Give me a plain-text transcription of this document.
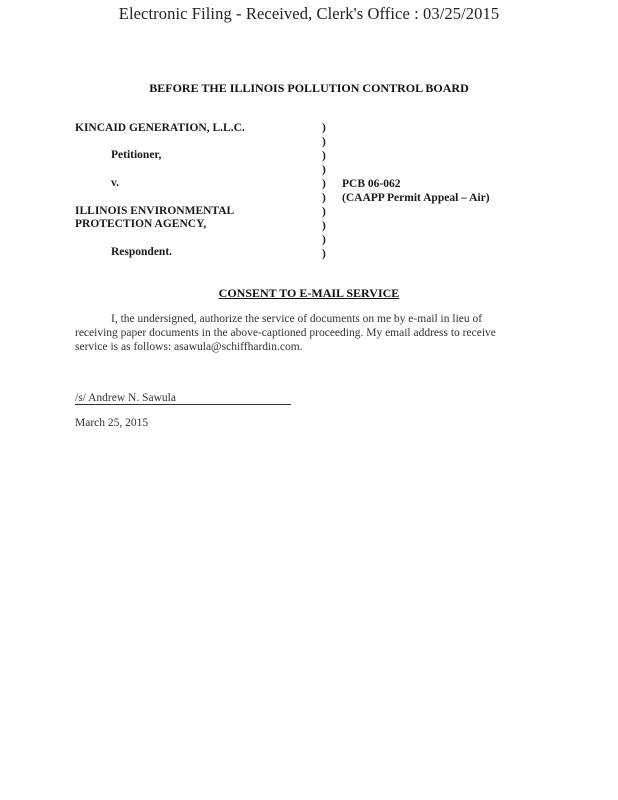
Electronic Filing - Received, Clerk's Office : 03/25/2015
BEFORE THE ILLINOIS POLLUTION CONTROL BOARD
KINCAID GENERATION, L.L.C.
Petitioner,
v.
ILLINOIS ENVIRONMENTAL
PROTECTION AGENCY,
Respondent.
)
)
)
)
)
)
)
)
)
)
PCB 06-062
(CAAPP Permit Appeal – Air)
CONSENT TO E-MAIL SERVICE
I, the undersigned, authorize the service of documents on me by e-mail in lieu of receiving paper documents in the above-captioned proceeding. My email address to receive service is as follows: asawula@schiffhardin.com.
/s/ Andrew N. Sawula
March 25, 2015
